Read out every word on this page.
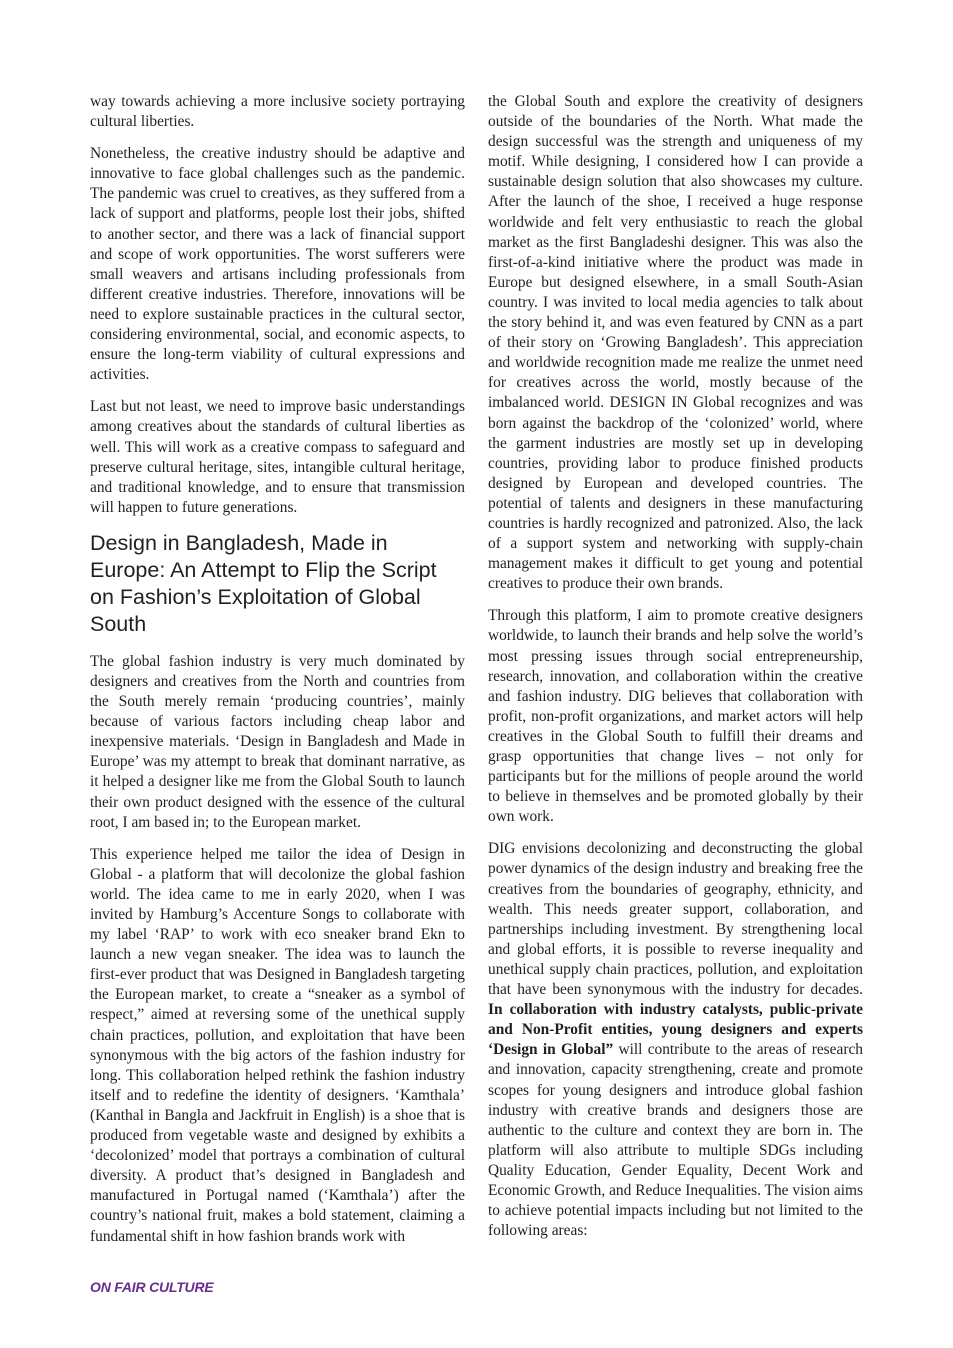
way towards achieving a more inclusive society portraying cultural liberties.

Nonetheless, the creative industry should be adaptive and innovative to face global challenges such as the pandemic. The pandemic was cruel to creatives, as they suffered from a lack of support and platforms, people lost their jobs, shifted to another sector, and there was a lack of financial support and scope of work opportunities. The worst sufferers were small weavers and artisans including professionals from different creative industries. Therefore, innovations will be need to explore sustainable practices in the cultural sector, considering environmental, social, and economic aspects, to ensure the long-term viability of cultural expressions and activities.

Last but not least, we need to improve basic understandings among creatives about the standards of cultural liberties as well. This will work as a creative compass to safeguard and preserve cultural heritage, sites, intangible cultural heritage, and traditional knowledge, and to ensure that transmission will happen to future generations.

Design in Bangladesh, Made in Europe: An Attempt to Flip the Script on Fashion’s Exploitation of Global South

The global fashion industry is very much dominated by designers and creatives from the North and countries from the South merely remain ‘producing countries’, mainly because of various factors including cheap labor and inexpensive materials. ‘Design in Bangladesh and Made in Europe’ was my attempt to break that dominant narrative, as it helped a designer like me from the Global South to launch their own product designed with the essence of the cultural root, I am based in; to the European market.

This experience helped me tailor the idea of Design in Global - a platform that will decolonize the global fashion world. The idea came to me in early 2020, when I was invited by Hamburg’s Accenture Songs to collaborate with my label ‘RAP’ to work with eco sneaker brand Ekn to launch a new vegan sneaker. The idea was to launch the first-ever product that was Designed in Bangladesh targeting the European market, to create a “sneaker as a symbol of respect,” aimed at reversing some of the unethical supply chain practices, pollution, and exploitation that have been synonymous with the big actors of the fashion industry for long. This collaboration helped rethink the fashion industry itself and to redefine the identity of designers. ‘Kamthala’ (Kanthal in Bangla and Jackfruit in English) is a shoe that is produced from vegetable waste and designed by exhibits a ‘decolonized’ model that portrays a combination of cultural diversity. A product that’s designed in Bangladesh and manufactured in Portugal named (‘Kamthala’) after the country’s national fruit, makes a bold statement, claiming a fundamental shift in how fashion brands work with

the Global South and explore the creativity of designers outside of the boundaries of the North. What made the design successful was the strength and uniqueness of my motif. While designing, I considered how I can provide a sustainable design solution that also showcases my culture. After the launch of the shoe, I received a huge response worldwide and felt very enthusiastic to reach the global market as the first Bangladeshi designer. This was also the first-of-a-kind initiative where the product was made in Europe but designed elsewhere, in a small South-Asian country. I was invited to local media agencies to talk about the story behind it, and was even featured by CNN as a part of their story on ‘Growing Bangladesh’. This appreciation and worldwide recognition made me realize the unmet need for creatives across the world, mostly because of the imbalanced world. DESIGN IN Global recognizes and was born against the backdrop of the ‘colonized’ world, where the garment industries are mostly set up in developing countries, providing labor to produce finished products designed by European and developed countries. The potential of talents and designers in these manufacturing countries is hardly recognized and patronized. Also, the lack of a support system and networking with supply-chain management makes it difficult to get young and potential creatives to produce their own brands.

Through this platform, I aim to promote creative designers worldwide, to launch their brands and help solve the world’s most pressing issues through social entrepreneurship, research, innovation, and collaboration within the creative and fashion industry. DIG believes that collaboration with profit, non-profit organizations, and market actors will help creatives in the Global South to fulfill their dreams and grasp opportunities that change lives – not only for participants but for the millions of people around the world to believe in themselves and be promoted globally by their own work.

DIG envisions decolonizing and deconstructing the global power dynamics of the design industry and breaking free the creatives from the boundaries of geography, ethnicity, and wealth. This needs greater support, collaboration, and partnerships including investment. By strengthening local and global efforts, it is possible to reverse inequality and unethical supply chain practices, pollution, and exploitation that have been synonymous with the industry for decades. In collaboration with industry catalysts, public-private and Non-Profit entities, young designers and experts ‘Design in Global” will contribute to the areas of research and innovation, capacity strengthening, create and promote scopes for young designers and introduce global fashion industry with creative brands and designers those are authentic to the culture and context they are born in. The platform will also attribute to multiple SDGs including Quality Education, Gender Equality, Decent Work and Economic Growth, and Reduce Inequalities. The vision aims to achieve potential impacts including but not limited to the following areas:

ON FAIR CULTURE
